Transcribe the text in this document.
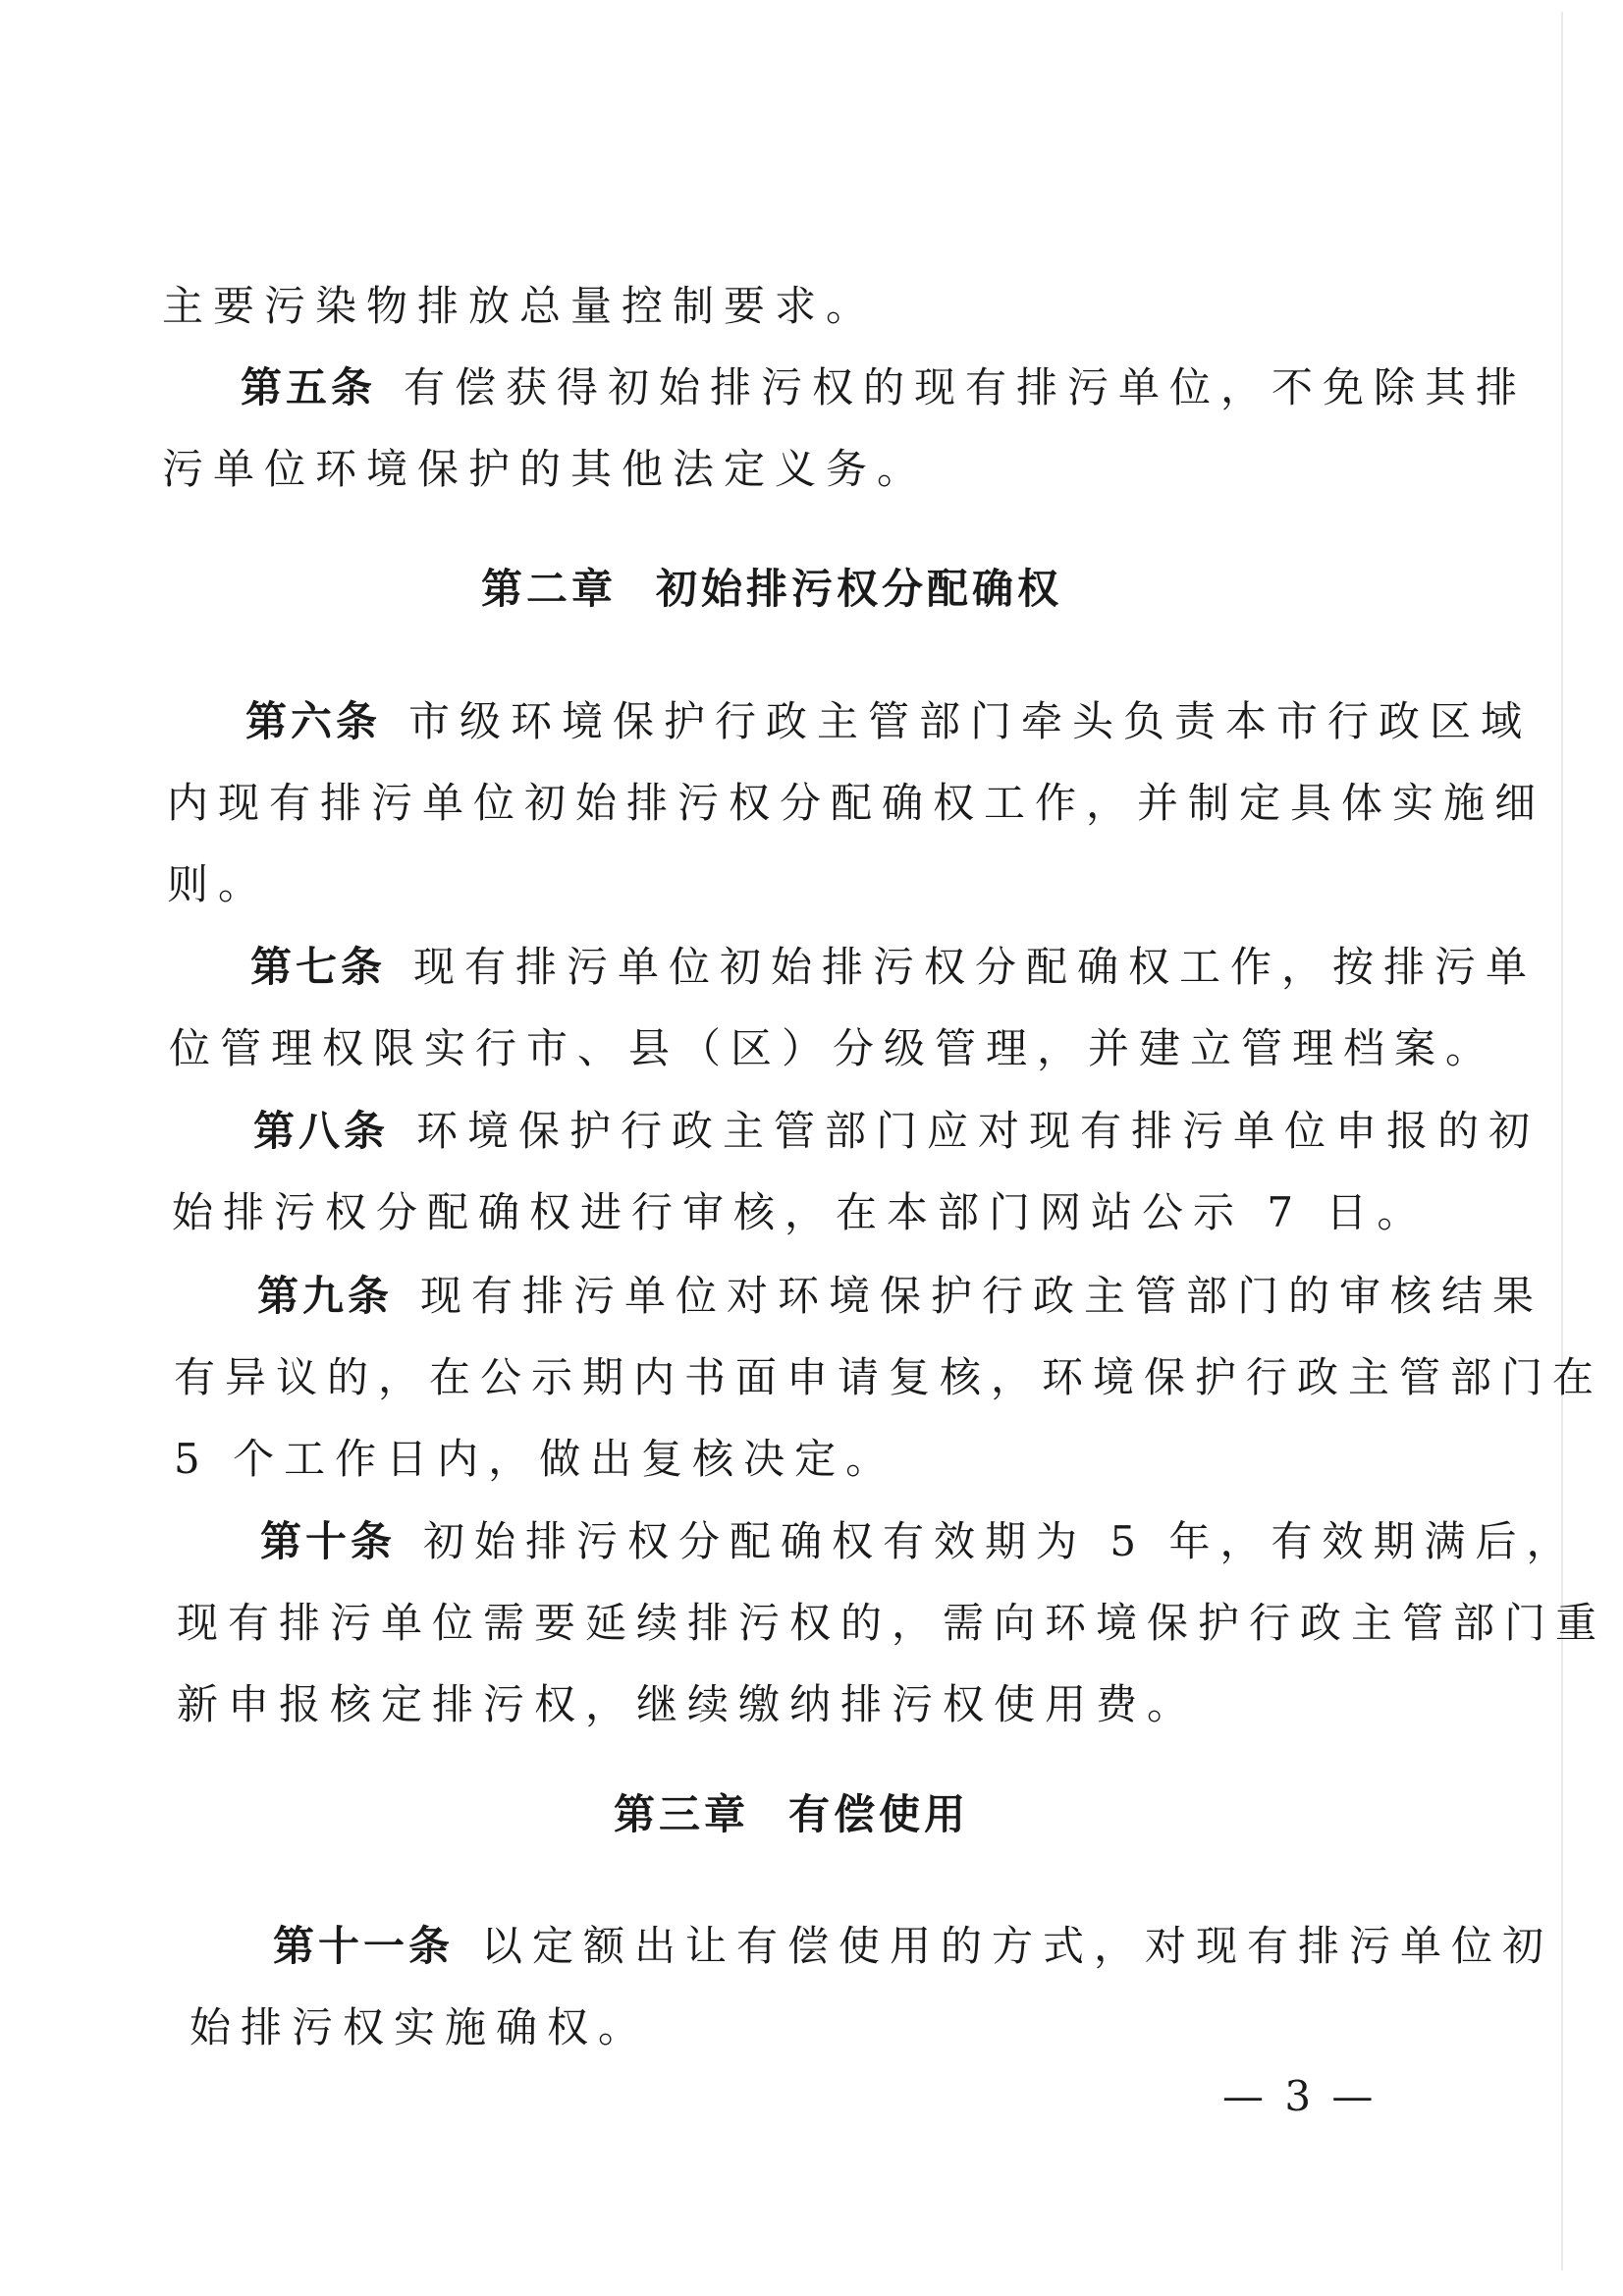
主要污染物排放总量控制要求。
第五条 有偿获得初始排污权的现有排污单位，不免除其排
污单位环境保护的其他法定义务。
第二章 初始排污权分配确权
第六条 市级环境保护行政主管部门牵头负责本市行政区域
内现有排污单位初始排污权分配确权工作，并制定具体实施细
则。
第七条 现有排污单位初始排污权分配确权工作，按排污单
位管理权限实行市、县（区）分级管理，并建立管理档案。
第八条 环境保护行政主管部门应对现有排污单位申报的初
始排污权分配确权进行审核，在本部门网站公示 7 日。
第九条 现有排污单位对环境保护行政主管部门的审核结果
有异议的，在公示期内书面申请复核，环境保护行政主管部门在
5 个工作日内，做出复核决定。
第十条 初始排污权分配确权有效期为 5 年，有效期满后，
现有排污单位需要延续排污权的，需向环境保护行政主管部门重
新申报核定排污权，继续缴纳排污权使用费。
第三章 有偿使用
第十一条 以定额出让有偿使用的方式，对现有排污单位初
始排污权实施确权。
— 3 —
